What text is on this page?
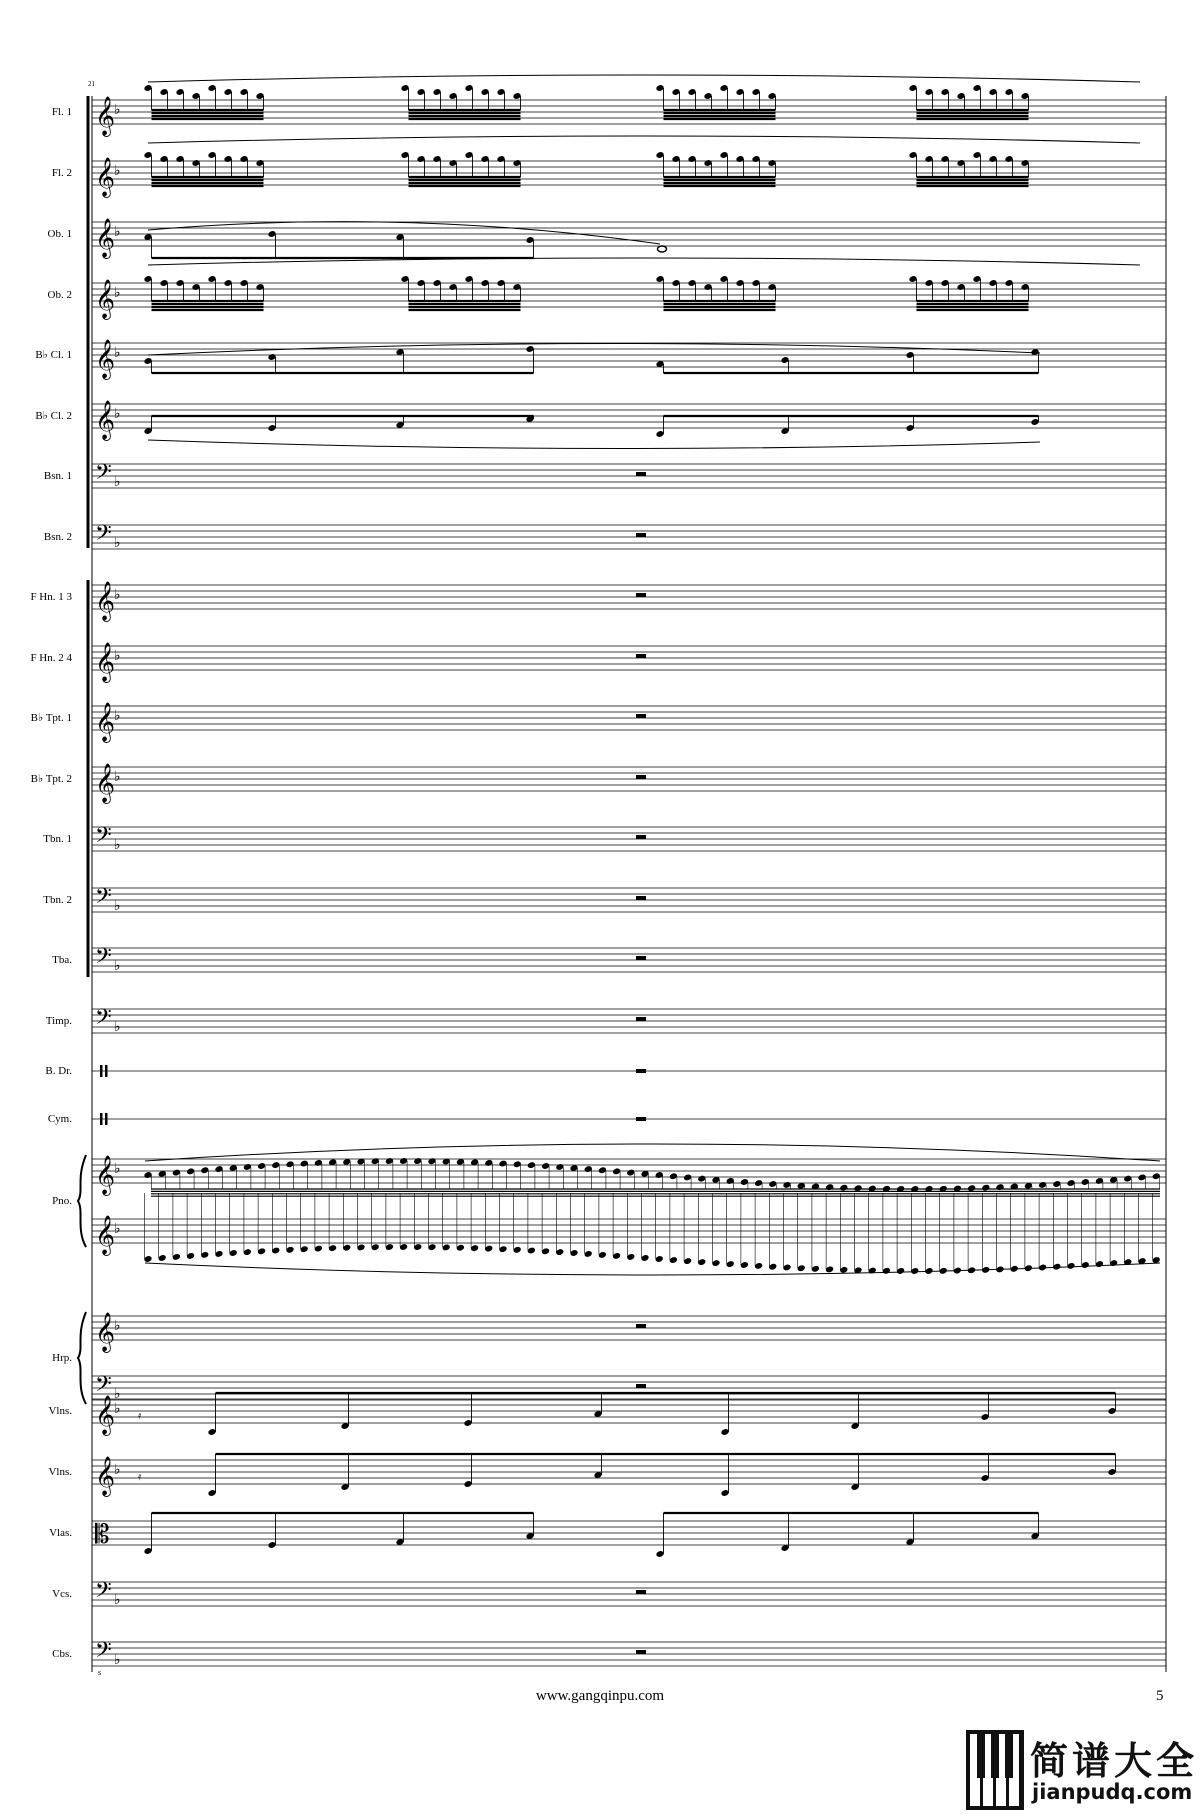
𝄞
♭
𝄞
♭
𝄞
♭
𝄞
♭
𝄞
♭
𝄞
♭
𝄢 ♭
𝄢 ♭
𝄞
♭
𝄞
♭
𝄞
♭
𝄞
♭
𝄢 ♭
𝄢 ♭
𝄢 ♭
𝄢 ♭
𝄞
♭
𝄞
♭
𝄞
♭
𝄢 ♭
𝄞
♭ 𝄿
𝄞
♭ 𝄿
𝄡
𝄢 ♭
𝄢 ♭
Fl. 1
Fl. 2
Ob. 1
Ob. 2
B♭ Cl. 1
B♭ Cl. 2
Bsn. 1
Bsn. 2
F Hn. 1 3
F Hn. 2 4
B♭ Tpt. 1
B♭ Tpt. 2
Tbn. 1
Tbn. 2
Tba.
Timp.
B. Dr.
Cym.
Pno.
Hrp.
Vlns.
Vlns.
Vlas.
Vcs.
Cbs.
21
s
www.gangqinpu.com	5
简谱大全
jianpudq.com
